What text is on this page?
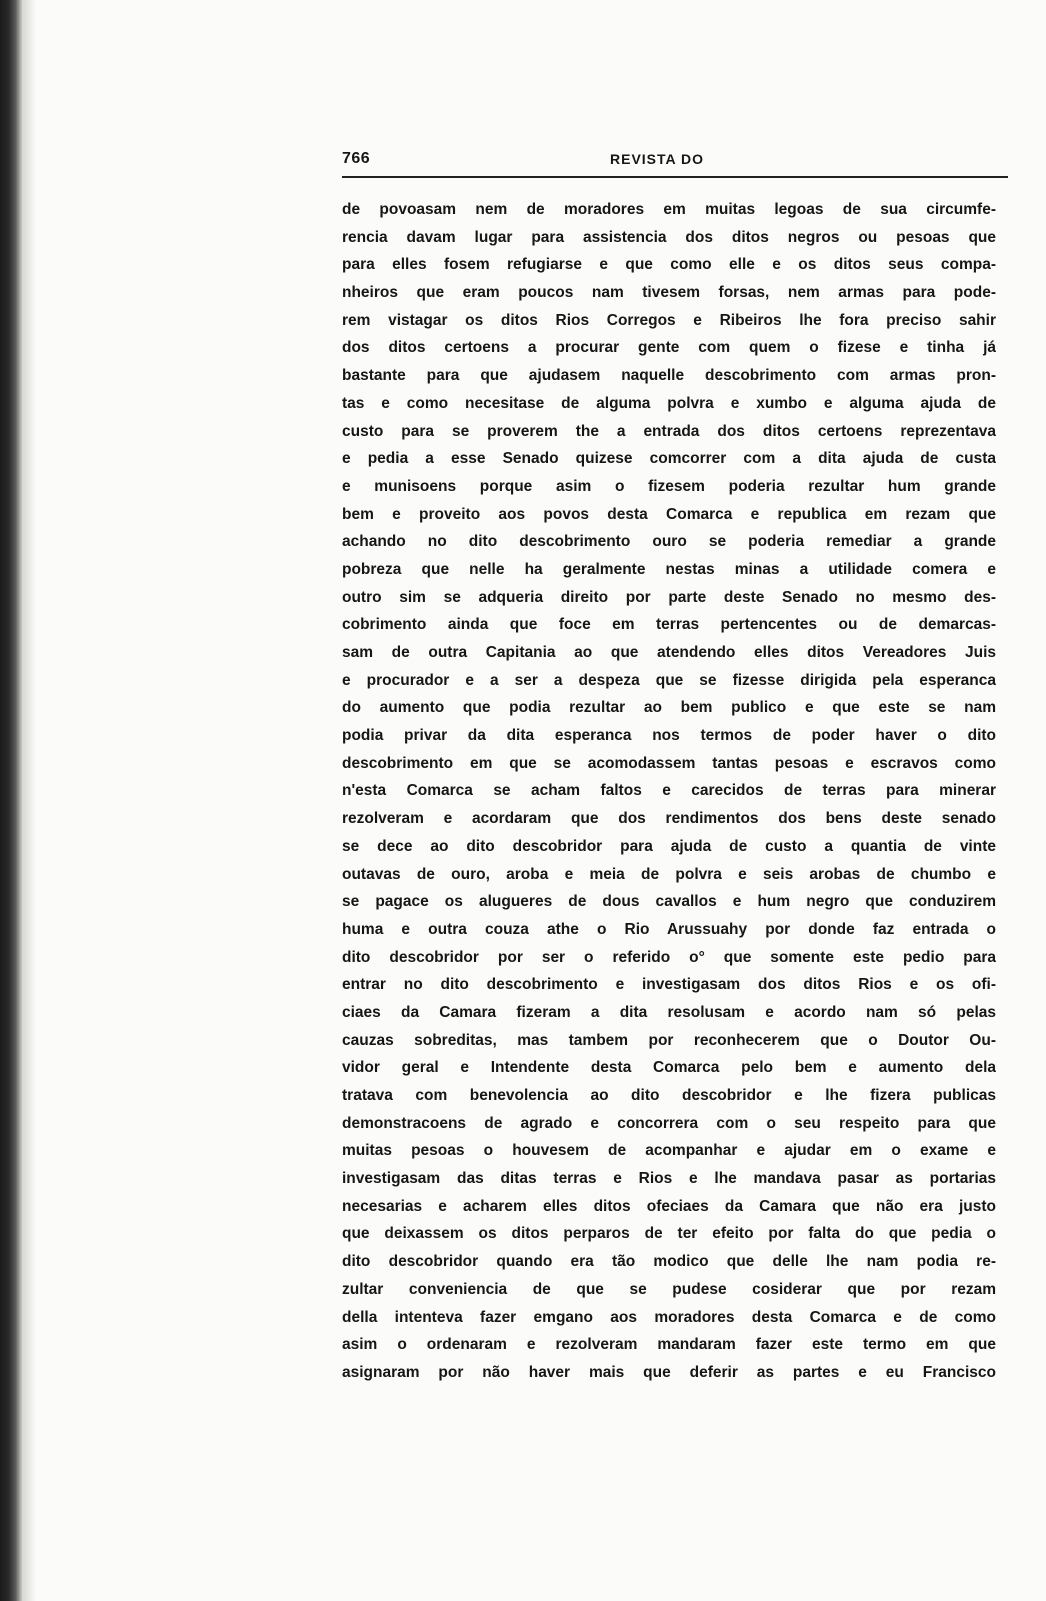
766	REVISTA DO
de povoasam nem de moradores em muitas legoas de sua circumfe-
rencia davam lugar para assistencia dos ditos negros ou pesoas que
para elles fosem refugiarse e que como elle e os ditos seus compa-
nheiros que eram poucos nam tivesem forsas, nem armas para pode-
rem vistagar os ditos Rios Corregos e Ribeiros lhe fora preciso sahir
dos ditos certoens a procurar gente com quem o fizese e tinha já
bastante para que ajudasem naquelle descobrimento com armas pron-
tas e como necesitase de alguma polvra e xumbo e alguma ajuda de
custo para se proverem the a entrada dos ditos certoens reprezentava
e pedia a esse Senado quizese comcorrer com a dita ajuda de custa
e munisoens porque asim o fizesem poderia rezultar hum grande
bem e proveito aos povos desta Comarca e republica em rezam que
achando no dito descobrimento ouro se poderia remediar a grande
pobreza que nelle ha geralmente nestas minas a utilidade comera e
outro sim se adqueria direito por parte deste Senado no mesmo des-
cobrimento ainda que foce em terras pertencentes ou de demarcas-
sam de outra Capitania ao que atendendo elles ditos Vereadores Juis
e procurador e a ser a despeza que se fizesse dirigida pela esperanca
do aumento que podia rezultar ao bem publico e que este se nam
podia privar da dita esperanca nos termos de poder haver o dito
descobrimento em que se acomodassem tantas pesoas e escravos como
n'esta Comarca se acham faltos e carecidos de terras para minerar
rezolveram e acordaram que dos rendimentos dos bens deste senado
se dece ao dito descobridor para ajuda de custo a quantia de vinte
outavas de ouro, aroba e meia de polvra e seis arobas de chumbo e
se pagace os alugueres de dous cavallos e hum negro que conduzirem
huma e outra couza athe o Rio Arussuahy por donde faz entrada o
dito descobridor por ser o referido o° que somente este pedio para
entrar no dito descobrimento e investigasam dos ditos Rios e os ofi-
ciaes da Camara fizeram a dita resolusam e acordo nam só pelas
cauzas sobreditas, mas tambem por reconhecerem que o Doutor Ou-
vidor geral e Intendente desta Comarca pelo bem e aumento dela
tratava com benevolencia ao dito descobridor e lhe fizera publicas
demonstracoens de agrado e concorrera com o seu respeito para que
muitas pesoas o houvesem de acompanhar e ajudar em o exame e
investigasam das ditas terras e Rios e lhe mandava pasar as portarias
necesarias e acharem elles ditos ofeciaes da Camara que não era justo
que deixassem os ditos perparos de ter efeito por falta do que pedia o
dito descobridor quando era tão modico que delle lhe nam podia re-
zultar conveniencia de que se pudese cosiderar que por rezam
della intenteva fazer emgano aos moradores desta Comarca e de como
asim o ordenaram e rezolveram mandaram fazer este termo em que
asignaram por não haver mais que deferir as partes e eu Francisco
